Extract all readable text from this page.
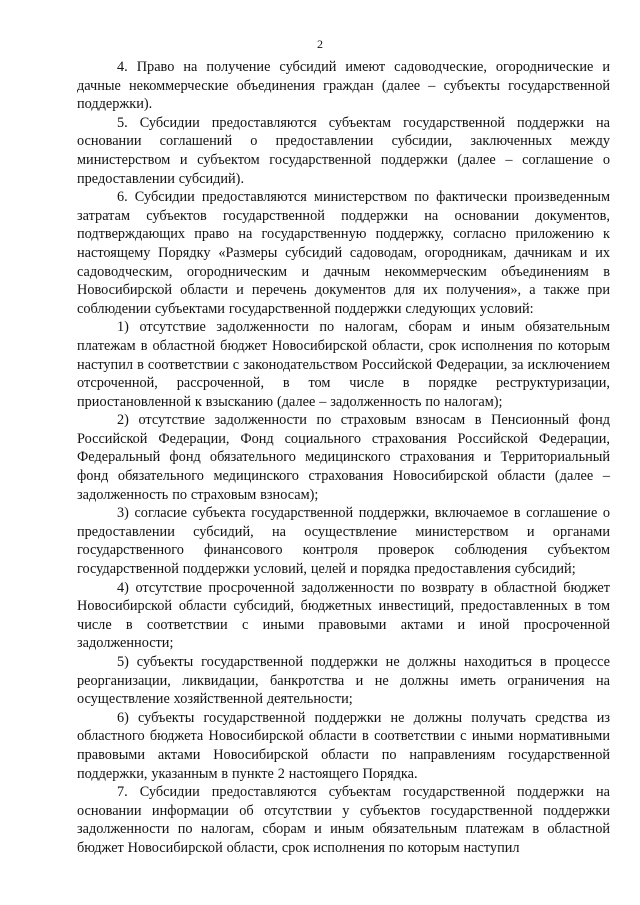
2

4. Право на получение субсидий имеют садоводческие, огороднические и дачные некоммерческие объединения граждан (далее – субъекты государственной поддержки).

5. Субсидии предоставляются субъектам государственной поддержки на основании соглашений о предоставлении субсидии, заключенных между министерством и субъектом государственной поддержки (далее – соглашение о предоставлении субсидий).

6. Субсидии предоставляются министерством по фактически произведенным затратам субъектов государственной поддержки на основании документов, подтверждающих право на государственную поддержку, согласно приложению к настоящему Порядку «Размеры субсидий садоводам, огородникам, дачникам и их садоводческим, огородническим и дачным некоммерческим объединениям в Новосибирской области и перечень документов для их получения», а также при соблюдении субъектами государственной поддержки следующих условий:

1) отсутствие задолженности по налогам, сборам и иным обязательным платежам в областной бюджет Новосибирской области, срок исполнения по которым наступил в соответствии с законодательством Российской Федерации, за исключением отсроченной, рассроченной, в том числе в порядке реструктуризации, приостановленной к взысканию (далее – задолженность по налогам);

2) отсутствие задолженности по страховым взносам в Пенсионный фонд Российской Федерации, Фонд социального страхования Российской Федерации, Федеральный фонд обязательного медицинского страхования и Территориальный фонд обязательного медицинского страхования Новосибирской области (далее – задолженность по страховым взносам);

3) согласие субъекта государственной поддержки, включаемое в соглашение о предоставлении субсидий, на осуществление министерством и органами государственного финансового контроля проверок соблюдения субъектом государственной поддержки условий, целей и порядка предоставления субсидий;

4) отсутствие просроченной задолженности по возврату в областной бюджет Новосибирской области субсидий, бюджетных инвестиций, предоставленных в том числе в соответствии с иными правовыми актами и иной просроченной задолженности;

5) субъекты государственной поддержки не должны находиться в процессе реорганизации, ликвидации, банкротства и не должны иметь ограничения на осуществление хозяйственной деятельности;

6) субъекты государственной поддержки не должны получать средства из областного бюджета Новосибирской области в соответствии с иными нормативными правовыми актами Новосибирской области по направлениям государственной поддержки, указанным в пункте 2 настоящего Порядка.

7. Субсидии предоставляются субъектам государственной поддержки на основании информации об отсутствии у субъектов государственной поддержки задолженности по налогам, сборам и иным обязательным платежам в областной бюджет Новосибирской области, срок исполнения по которым наступил
